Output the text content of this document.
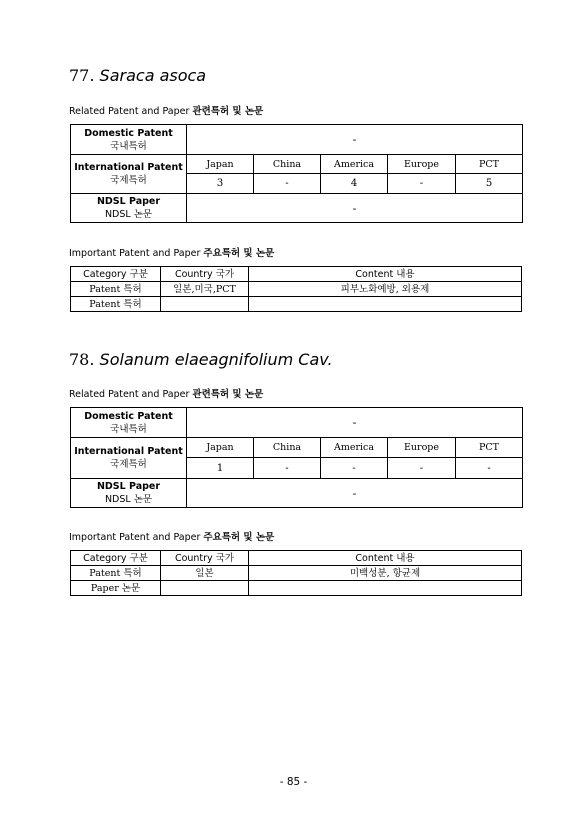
77. Saraca asoca
Related Patent and Paper 관련특허 및 논문
Domestic Patent
국내특허	-				

International Patent
국제특허	Japan	China	America	Europe	PCT
	3	-	4	-	5

NDSL Paper
NDSL 논문	-				
Important Patent and Paper 주요특허 및 논문
Category 구분	Country 국가	Content 내용
Patent 특허	일본,미국,PCT	피부노화예방, 외용제
Patent 특허		
78. Solanum elaeagnifolium Cav.
Related Patent and Paper 관련특허 및 논문
Domestic Patent
국내특허	-				

International Patent
국제특허	Japan	China	America	Europe	PCT
	1	-	-	-	-

NDSL Paper
NDSL 논문	-				
Important Patent and Paper 주요특허 및 논문
Category 구분	Country 국가	Content 내용
Patent 특허	일본	미백성분, 항균제
Paper 논문		
- 85 -
